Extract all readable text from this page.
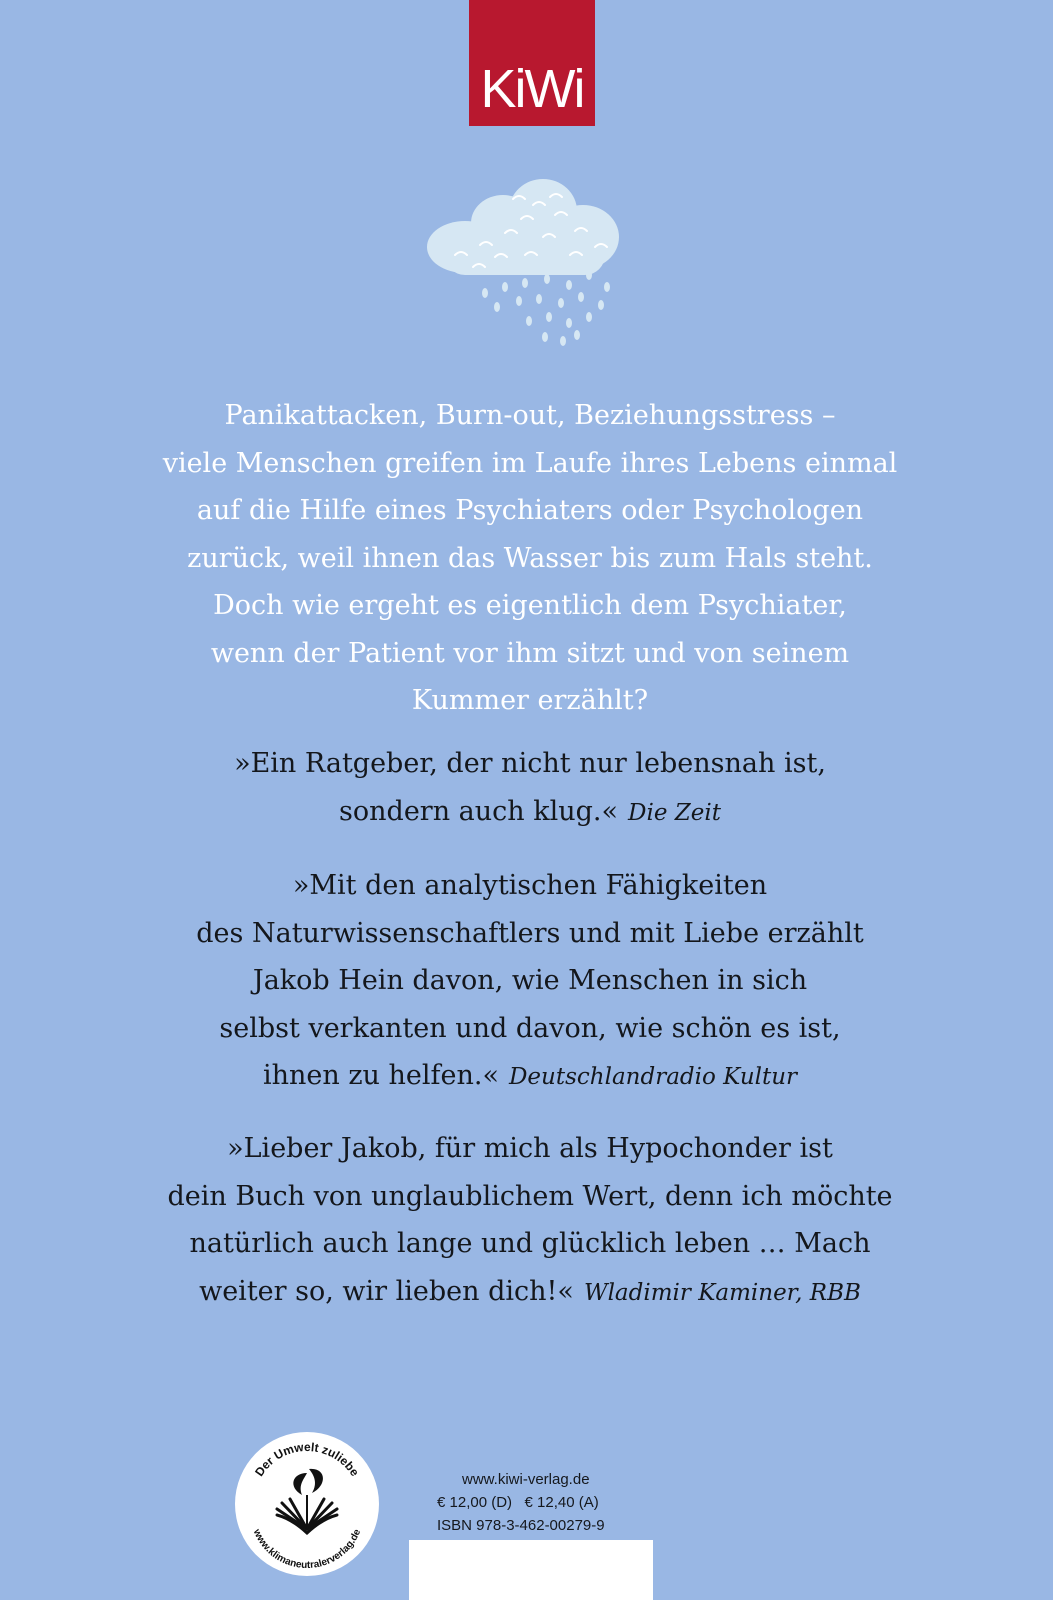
KiWi
Panikattacken, Burn-out, Beziehungsstress –
viele Menschen greifen im Laufe ihres Lebens einmal
auf die Hilfe eines Psychiaters oder Psychologen
zurück, weil ihnen das Wasser bis zum Hals steht.
Doch wie ergeht es eigentlich dem Psychiater,
wenn der Patient vor ihm sitzt und von seinem
Kummer erzählt?
»Ein Ratgeber, der nicht nur lebensnah ist,
sondern auch klug.« Die Zeit
»Mit den analytischen Fähigkeiten
des Naturwissenschaftlers und mit Liebe erzählt
Jakob Hein davon, wie Menschen in sich
selbst verkanten und davon, wie schön es ist,
ihnen zu helfen.« Deutschlandradio Kultur
»Lieber Jakob, für mich als Hypochonder ist
dein Buch von unglaublichem Wert, denn ich möchte
natürlich auch lange und glücklich leben … Mach
weiter so, wir lieben dich!« Wladimir Kaminer, RBB
Der Umwelt zuliebe
www.klimaneutralerverlag.de
www.kiwi-verlag.de
€ 12,00 (D)   € 12,40 (A)
ISBN 978-3-462-00279-9
